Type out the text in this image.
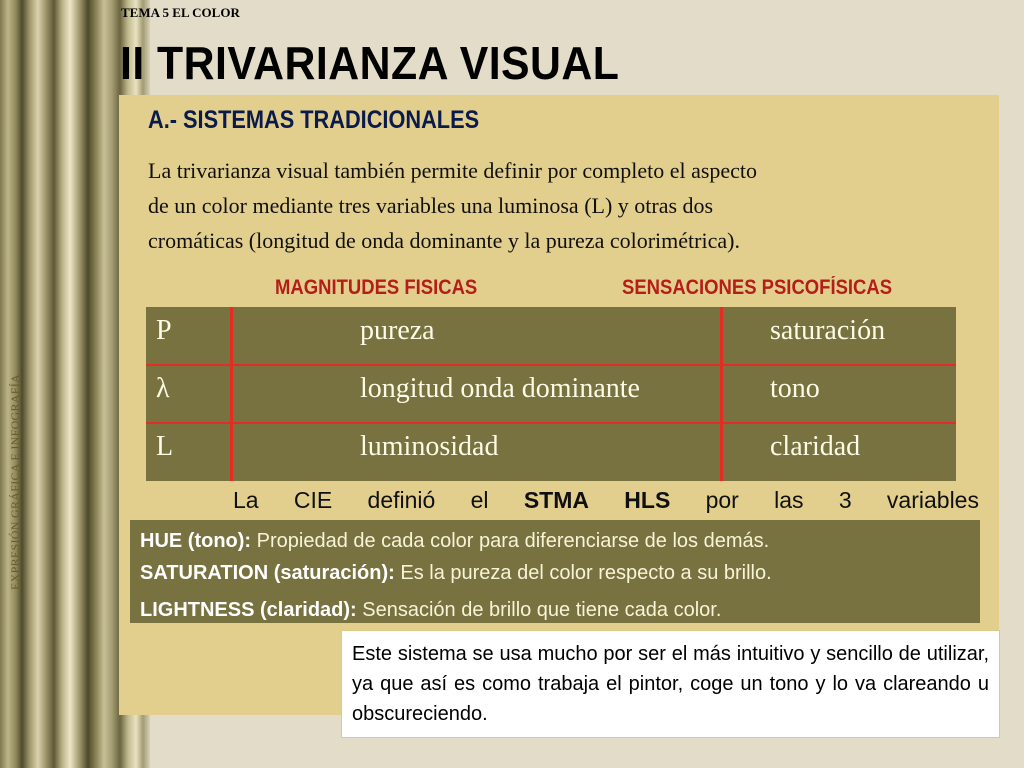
EXPRESIÓN GRÁFICA E INFOGRAFÍA
TEMA 5 EL COLOR
II TRIVARIANZA VISUAL
A.- SISTEMAS TRADICIONALES
La trivarianza visual también permite definir por completo el aspecto
de un color mediante tres variables una luminosa (L) y otras dos
cromáticas (longitud de onda dominante y la pureza colorimétrica).
MAGNITUDES FISICAS	SENSACIONES PSICOFÍSICAS
P	pureza	saturación
λ	longitud onda dominante	tono
L	luminosidad	claridad
La CIE definió el STMA HLS por las 3 variables
HUE (tono): Propiedad de cada color para diferenciarse de los demás.
SATURATION (saturación): Es la pureza del color respecto a su brillo.
LIGHTNESS (claridad): Sensación de brillo que tiene cada color.
Este sistema se usa mucho por ser el más intuitivo y sencillo de utilizar, ya que así es como trabaja el pintor, coge un tono y lo va clareando u obscureciendo.
